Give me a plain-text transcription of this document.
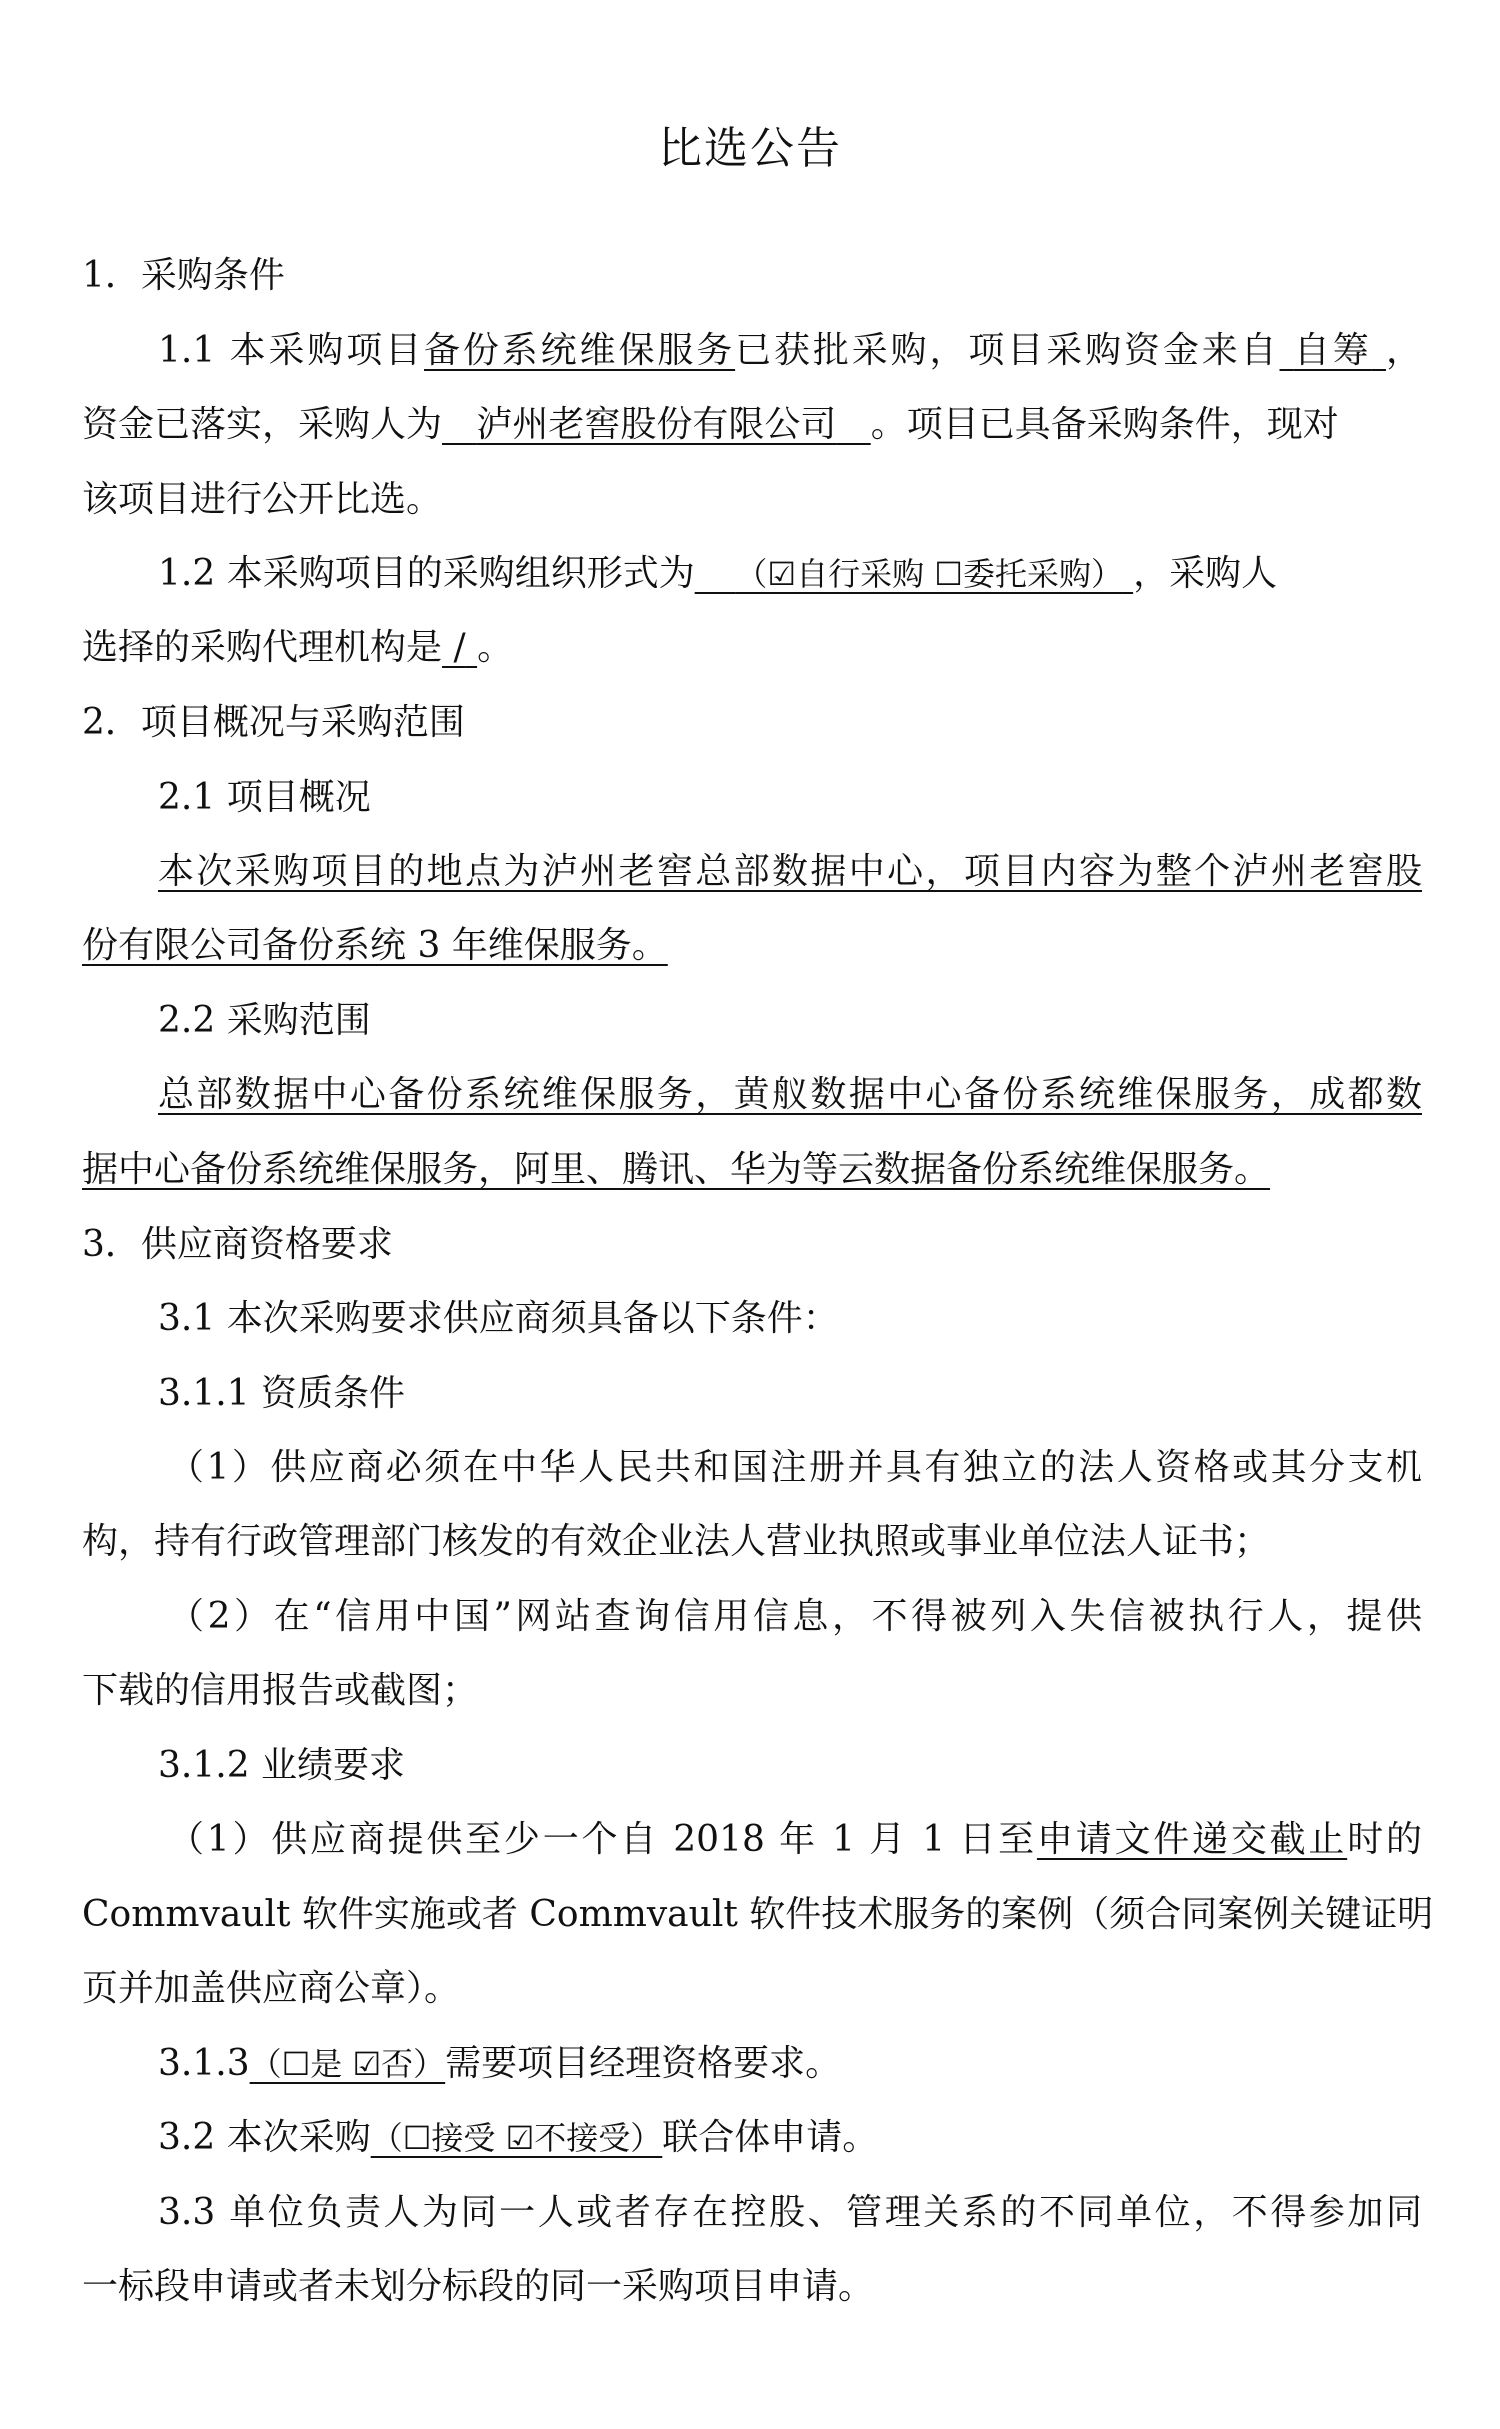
比选公告
1．采购条件
1.1 本采购项目备份系统维保服务已获批采购，项目采购资金来自 自筹 ，
资金已落实，采购人为 泸州老窖股份有限公司 。项目已具备采购条件，现对
该项目进行公开比选。
1.2 本采购项目的采购组织形式为 （☑自行采购 ☐委托采购） ，采购人
选择的采购代理机构是 / 。
2．项目概况与采购范围
2.1 项目概况
本次采购项目的地点为泸州老窖总部数据中心，项目内容为整个泸州老窖股
份有限公司备份系统 3 年维保服务。
2.2 采购范围
总部数据中心备份系统维保服务，黄舣数据中心备份系统维保服务，成都数
据中心备份系统维保服务，阿里、腾讯、华为等云数据备份系统维保服务。
3．供应商资格要求
3.1 本次采购要求供应商须具备以下条件：
3.1.1 资质条件
（1）供应商必须在中华人民共和国注册并具有独立的法人资格或其分支机
构，持有行政管理部门核发的有效企业法人营业执照或事业单位法人证书；
（2）在“信用中国”网站查询信用信息，不得被列入失信被执行人，提供
下载的信用报告或截图；
3.1.2 业绩要求
（1）供应商提供至少一个自 2018 年 1 月 1 日至申请文件递交截止时的
Commvault 软件实施或者 Commvault 软件技术服务的案例（须合同案例关键证明
页并加盖供应商公章）。
3.1.3（☐是 ☑否）需要项目经理资格要求。
3.2 本次采购（☐接受 ☑不接受）联合体申请。
3.3 单位负责人为同一人或者存在控股、管理关系的不同单位，不得参加同
一标段申请或者未划分标段的同一采购项目申请。
